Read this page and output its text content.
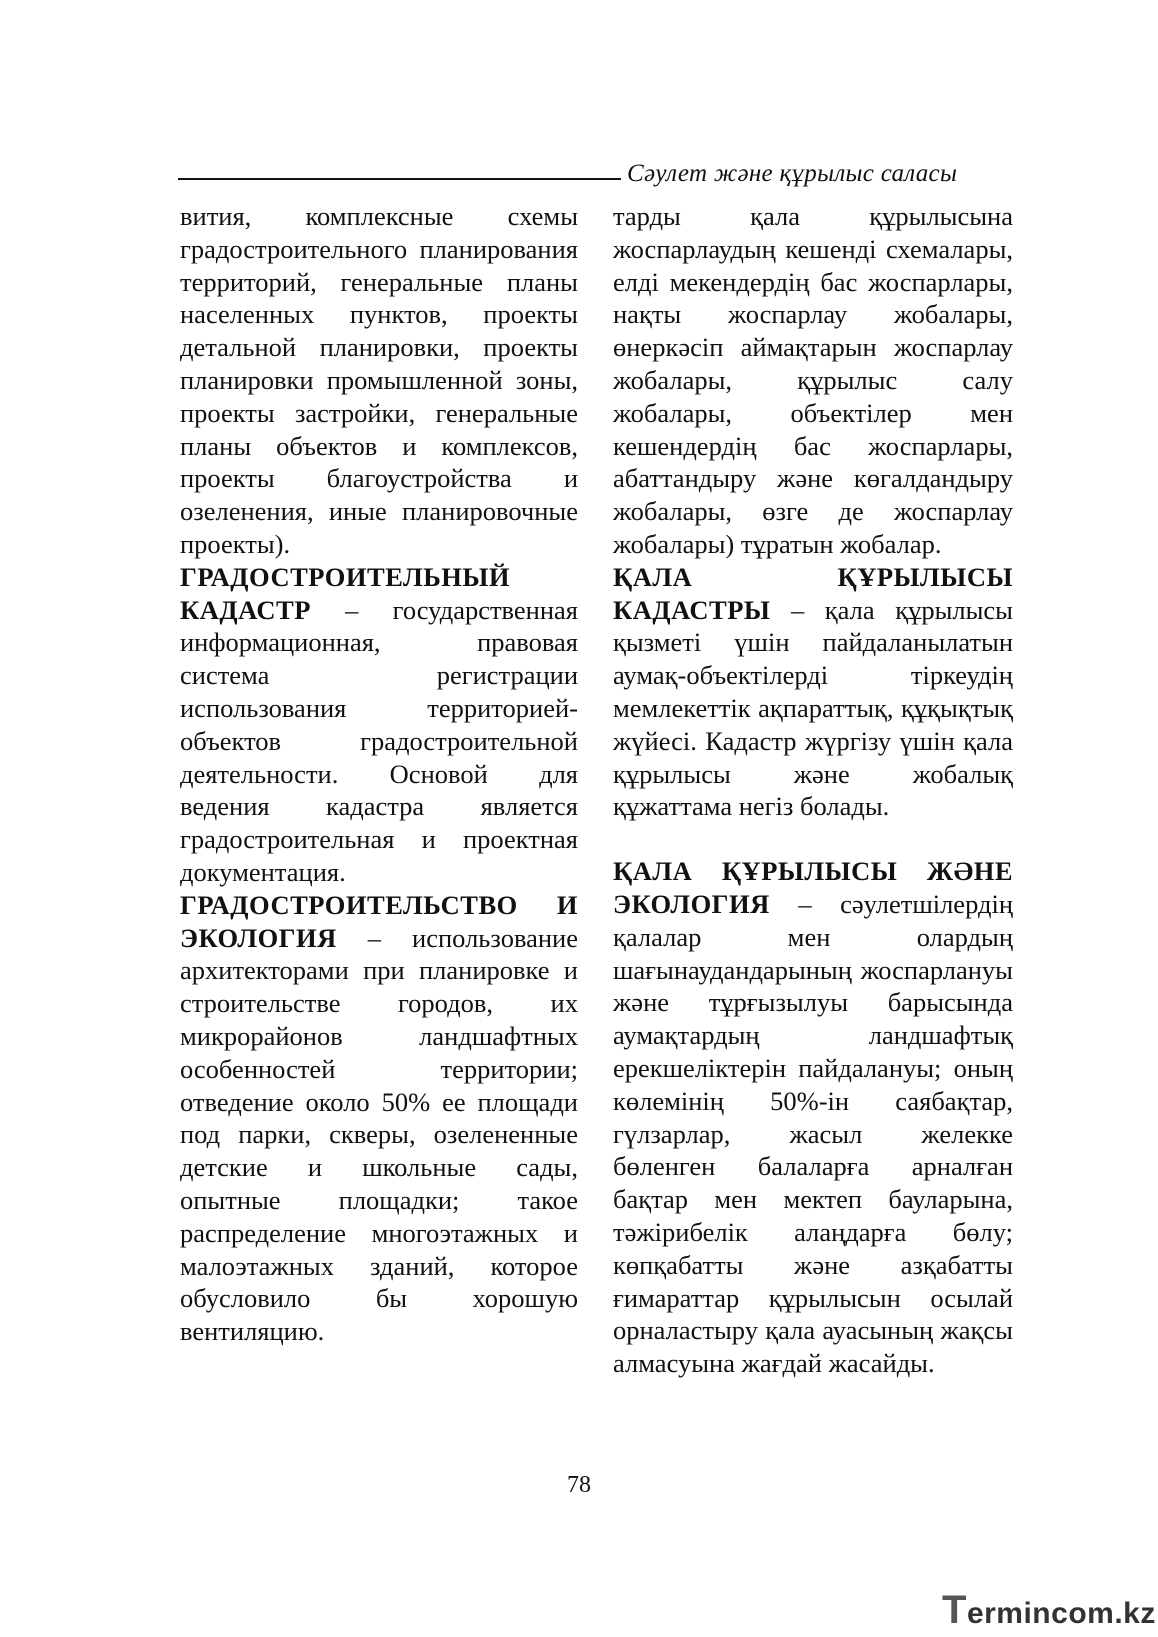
Сәулет және құрылыс саласы

вития, комплексные схемы градостроительного планирования территорий, генеральные планы населенных пунктов, проекты детальной планировки, проекты планировки промышленной зоны, проекты застройки, генеральные планы объектов и комплексов, проекты благоустройства и озеленения, иные планировочные проекты).

ГРАДОСТРОИТЕЛЬНЫЙ КАДАСТР – государственная информационная, правовая система регистрации использования территорией-объектов градостроительной деятельности. Основой для ведения кадастра является градостроительная и проектная документация.

ГРАДОСТРОИТЕЛЬСТВО И ЭКОЛОГИЯ – использование архитекторами при планировке и строительстве городов, их микрорайонов ландшафтных особенностей территории; отведение около 50% ее площади под парки, скверы, озелененные детские и школьные сады, опытные площадки; такое распределение многоэтажных и малоэтажных зданий, которое обусловило бы хорошую вентиляцию.

тарды қала құрылысына жоспарлаудың кешенді схемалары, елді мекендердің бас жоспарлары, нақты жоспарлау жобалары, өнеркәсіп аймақтарын жоспарлау жобалары, құрылыс салу жобалары, объектілер мен кешендердің бас жоспарлары, абаттандыру және көгалдандыру жобалары, өзге де жоспарлау жобалары) тұратын жобалар.

ҚАЛА ҚҰРЫЛЫСЫ КАДАСТРЫ – қала құрылысы қызметі үшін пайдаланылатын аумақ-объектілерді тіркеудің мемлекеттік ақпараттық, құқықтық жүйесі. Кадастр жүргізу үшін қала құрылысы және жобалық құжаттама негіз болады.

ҚАЛА ҚҰРЫЛЫСЫ ЖӘНЕ ЭКОЛОГИЯ – сәулетшілердің қалалар мен олардың шағынаудандарының жоспарлануы және тұрғызылуы барысында аумақтардың ландшафтық ерекшеліктерін пайдалануы; оның көлемінің 50%-ін саябақтар, гүлзарлар, жасыл желекке бөленген балаларға арналған бақтар мен мектеп бауларына, тәжірибелік алаңдарға бөлу; көпқабатты және азқабатты ғимараттар құрылысын осылай орналастыру қала ауасының жақсы алмасуына жағдай жасайды.

78
Termincom.kz
